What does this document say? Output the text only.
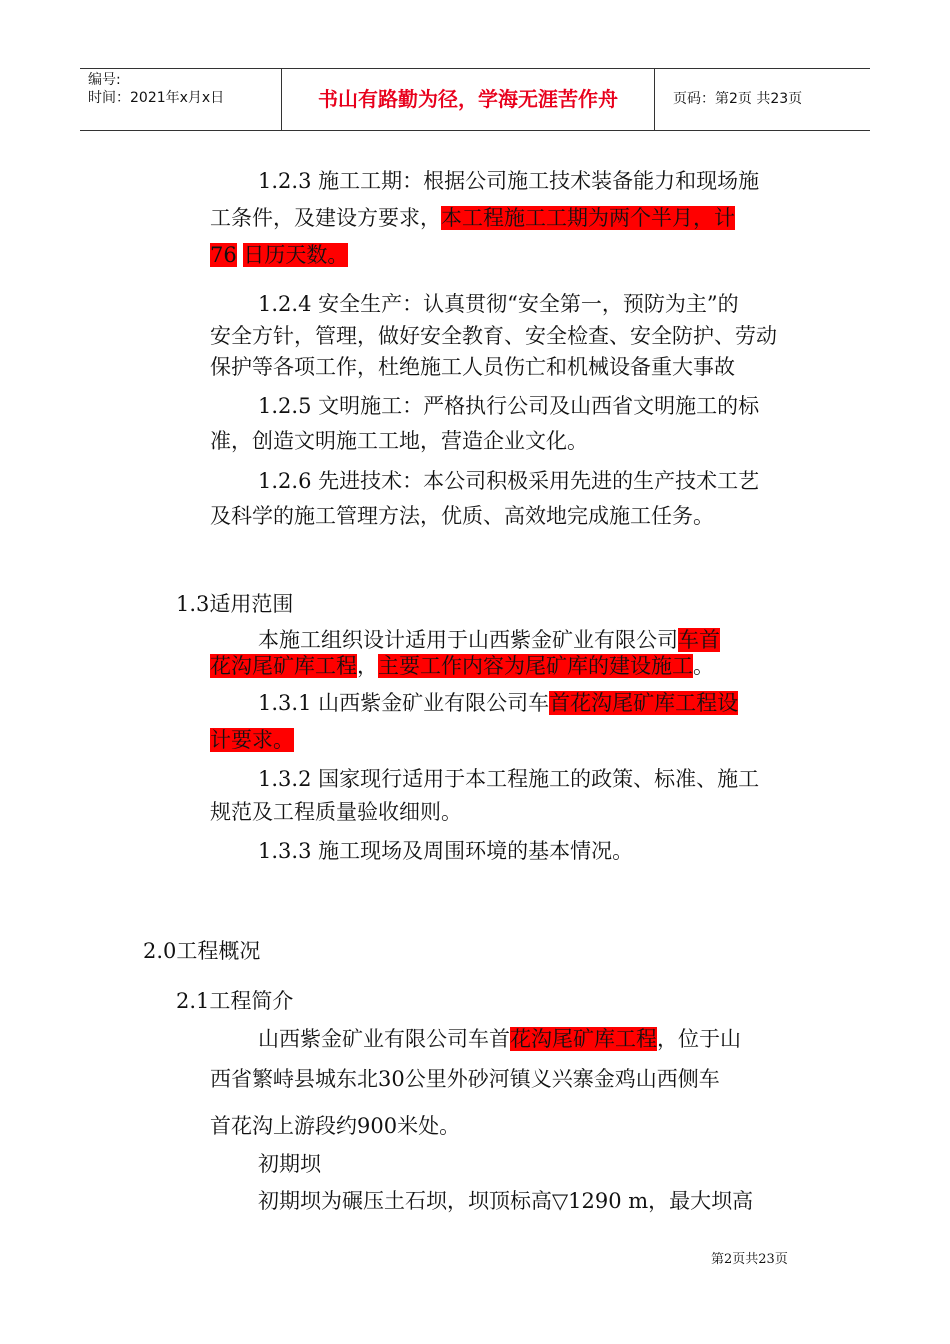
编号:
时间：2021年x月x日	书山有路勤为径，学海无涯苦作舟	页码：第2页 共23页
1.2.3 施工工期：根据公司施工技术装备能力和现场施
工条件，及建设方要求，本工程施工工期为两个半月，计
76 日历天数。
1.2.4 安全生产：认真贯彻“安全第一，预防为主”的
安全方针，管理，做好安全教育、安全检查、安全防护、劳动
保护等各项工作，杜绝施工人员伤亡和机械设备重大事故
1.2.5 文明施工：严格执行公司及山西省文明施工的标
准，创造文明施工工地，营造企业文化。
1.2.6 先进技术：本公司积极采用先进的生产技术工艺
及科学的施工管理方法，优质、高效地完成施工任务。
1.3适用范围
本施工组织设计适用于山西紫金矿业有限公司车首
花沟尾矿库工程，主要工作内容为尾矿库的建设施工。
1.3.1 山西紫金矿业有限公司车首花沟尾矿库工程设
计要求。
1.3.2 国家现行适用于本工程施工的政策、标准、施工
规范及工程质量验收细则。
1.3.3 施工现场及周围环境的基本情况。
2.0工程概况
2.1工程简介
山西紫金矿业有限公司车首花沟尾矿库工程，位于山
西省繁峙县城东北30公里外砂河镇义兴寨金鸡山西侧车
首花沟上游段约900米处。
初期坝
初期坝为碾压土石坝，坝顶标高▽1290 m，最大坝高
第2页共23页
